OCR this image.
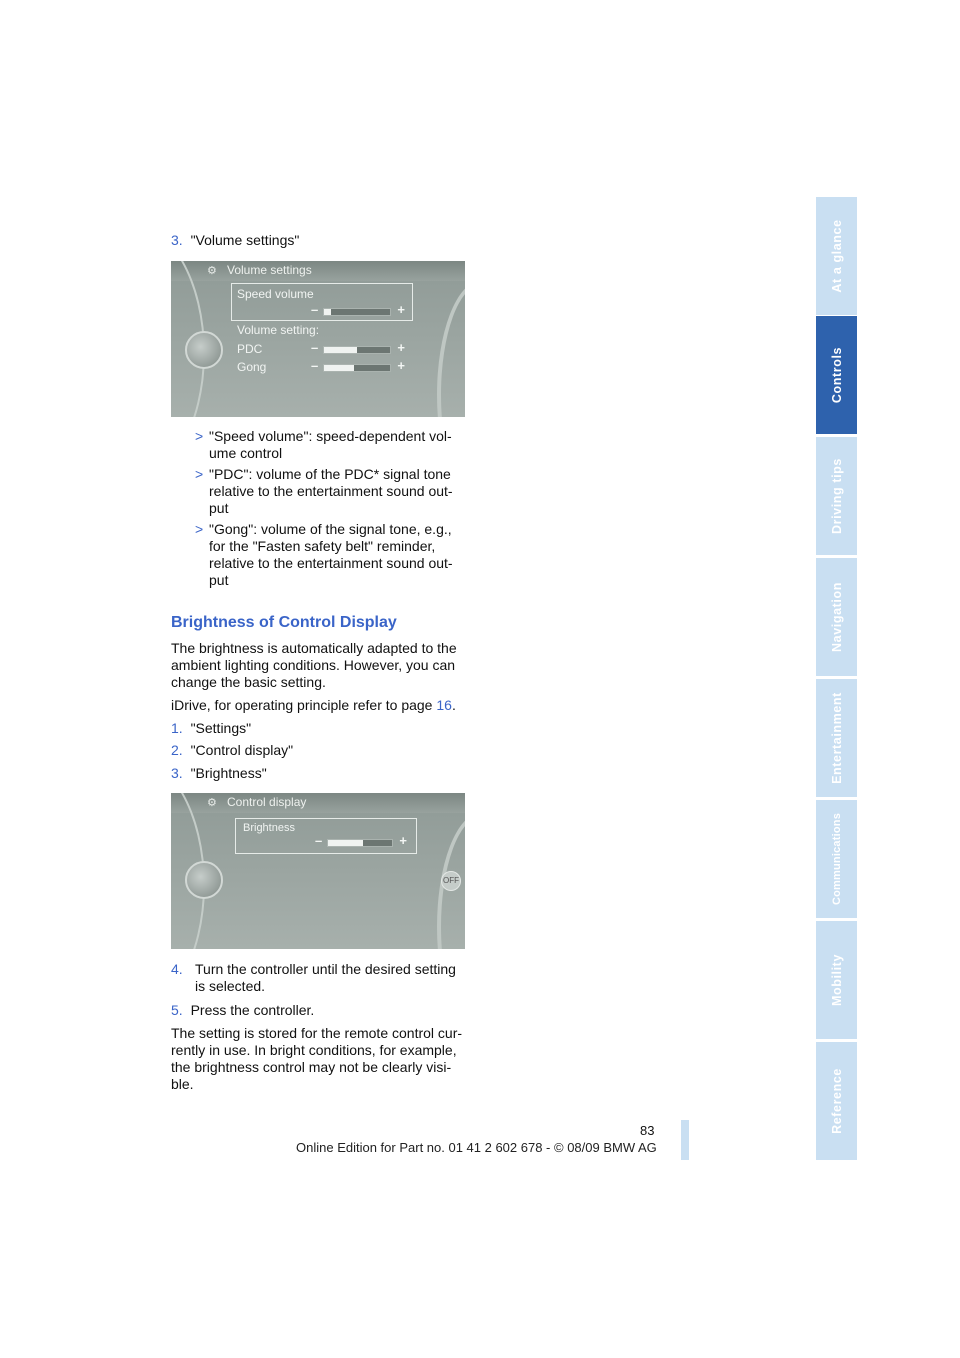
At a glance
Controls
Driving tips
Navigation
Entertainment
Communications
Mobility
Reference
3. "Volume settings"
⚙ Volume settings
Speed volume
–	+
Volume setting:
PDC	–	+
Gong	–	+
> "Speed volume": speed-dependent vol-
ume control
> "PDC": volume of the PDC* signal tone
relative to the entertainment sound out-
put
> "Gong": volume of the signal tone, e.g.,
for the "Fasten safety belt" reminder,
relative to the entertainment sound out-
put
Brightness of Control Display
The brightness is automatically adapted to the
ambient lighting conditions. However, you can
change the basic setting.
iDrive, for operating principle refer to page 16.
1. "Settings"
2. "Control display"
3. "Brightness"
⚙ Control display
Brightness
–	+
OFF
4. Turn the controller until the desired setting
is selected.
5. Press the controller.
The setting is stored for the remote control cur-
rently in use. In bright conditions, for example,
the brightness control may not be clearly visi-
ble.
83
Online Edition for Part no. 01 41 2 602 678 - © 08/09 BMW AG
